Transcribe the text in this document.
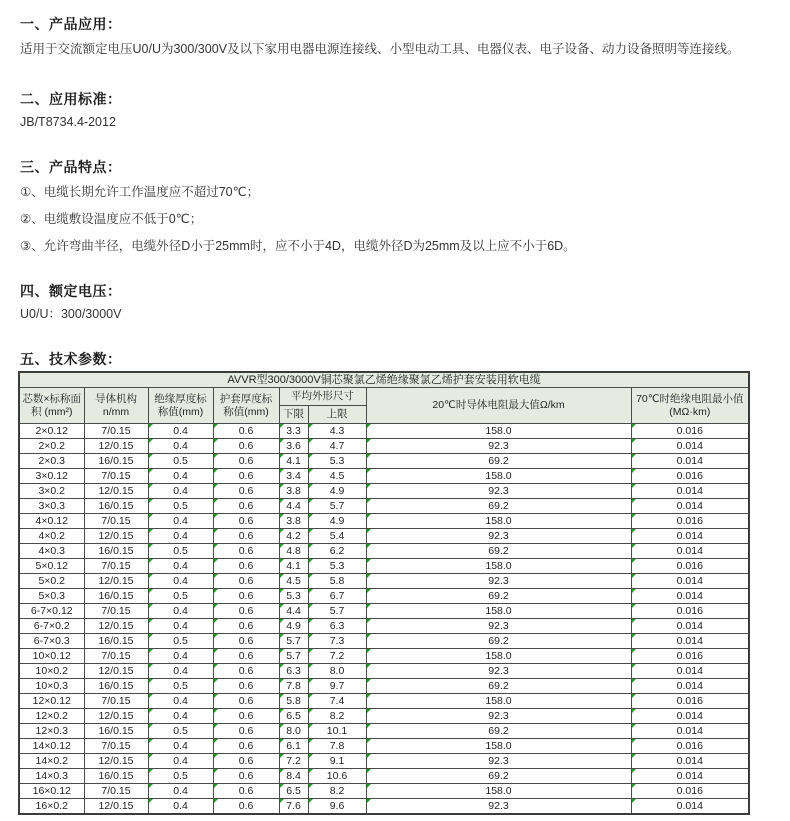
一、产品应用：

适用于交流额定电压U0/U为300/300V及以下家用电器电源连接线、小型电动工具、电器仪表、电子设备、动力设备照明等连接线。

二、应用标准：

JB/T8734.4-2012

三、产品特点：

①、电缆长期允许工作温度应不超过70℃；

②、电缆敷设温度应不低于0℃；

③、允许弯曲半径，电缆外径D小于25mm时，应不小于4D，电缆外径D为25mm及以上应不小于6D。

四、额定电压：

U0/U：300/3000V

五、技术参数：
AVVR型300/3000V铜芯聚氯乙烯绝缘聚氯乙烯护套安装用软电缆							
芯数×标称面积 (mm²)	导体机构 n/mm	绝缘厚度标 称值(mm)	护套厚度标 称值(mm)	平均外形尺寸		20℃时导体电阻最大值Ω/km	70℃时绝缘电阻最小值 (MΩ·km)
				下限	上限		
2×0.12	7/0.15	0.4	0.6	3.3	4.3	158.0	0.016
2×0.2	12/0.15	0.4	0.6	3.6	4.7	92.3	0.014
2×0.3	16/0.15	0.5	0.6	4.1	5.3	69.2	0.014
3×0.12	7/0.15	0.4	0.6	3.4	4.5	158.0	0.016
3×0.2	12/0.15	0.4	0.6	3.8	4.9	92.3	0.014
3×0.3	16/0.15	0.5	0.6	4.4	5.7	69.2	0.014
4×0.12	7/0.15	0.4	0.6	3.8	4.9	158.0	0.016
4×0.2	12/0.15	0.4	0.6	4.2	5.4	92.3	0.014
4×0.3	16/0.15	0.5	0.6	4.8	6.2	69.2	0.014
5×0.12	7/0.15	0.4	0.6	4.1	5.3	158.0	0.016
5×0.2	12/0.15	0.4	0.6	4.5	5.8	92.3	0.014
5×0.3	16/0.15	0.5	0.6	5.3	6.7	69.2	0.014
6-7×0.12	7/0.15	0.4	0.6	4.4	5.7	158.0	0.016
6-7×0.2	12/0.15	0.4	0.6	4.9	6.3	92.3	0.014
6-7×0.3	16/0.15	0.5	0.6	5.7	7.3	69.2	0.014
10×0.12	7/0.15	0.4	0.6	5.7	7.2	158.0	0.016
10×0.2	12/0.15	0.4	0.6	6.3	8.0	92.3	0.014
10×0.3	16/0.15	0.5	0.6	7.8	9.7	69.2	0.014
12×0.12	7/0.15	0.4	0.6	5.8	7.4	158.0	0.016
12×0.2	12/0.15	0.4	0.6	6.5	8.2	92.3	0.014
12×0.3	16/0.15	0.5	0.6	8.0	10.1	69.2	0.014
14×0.12	7/0.15	0.4	0.6	6.1	7.8	158.0	0.016
14×0.2	12/0.15	0.4	0.6	7.2	9.1	92.3	0.014
14×0.3	16/0.15	0.5	0.6	8.4	10.6	69.2	0.014
16×0.12	7/0.15	0.4	0.6	6.5	8.2	158.0	0.016
16×0.2	12/0.15	0.4	0.6	7.6	9.6	92.3	0.014
